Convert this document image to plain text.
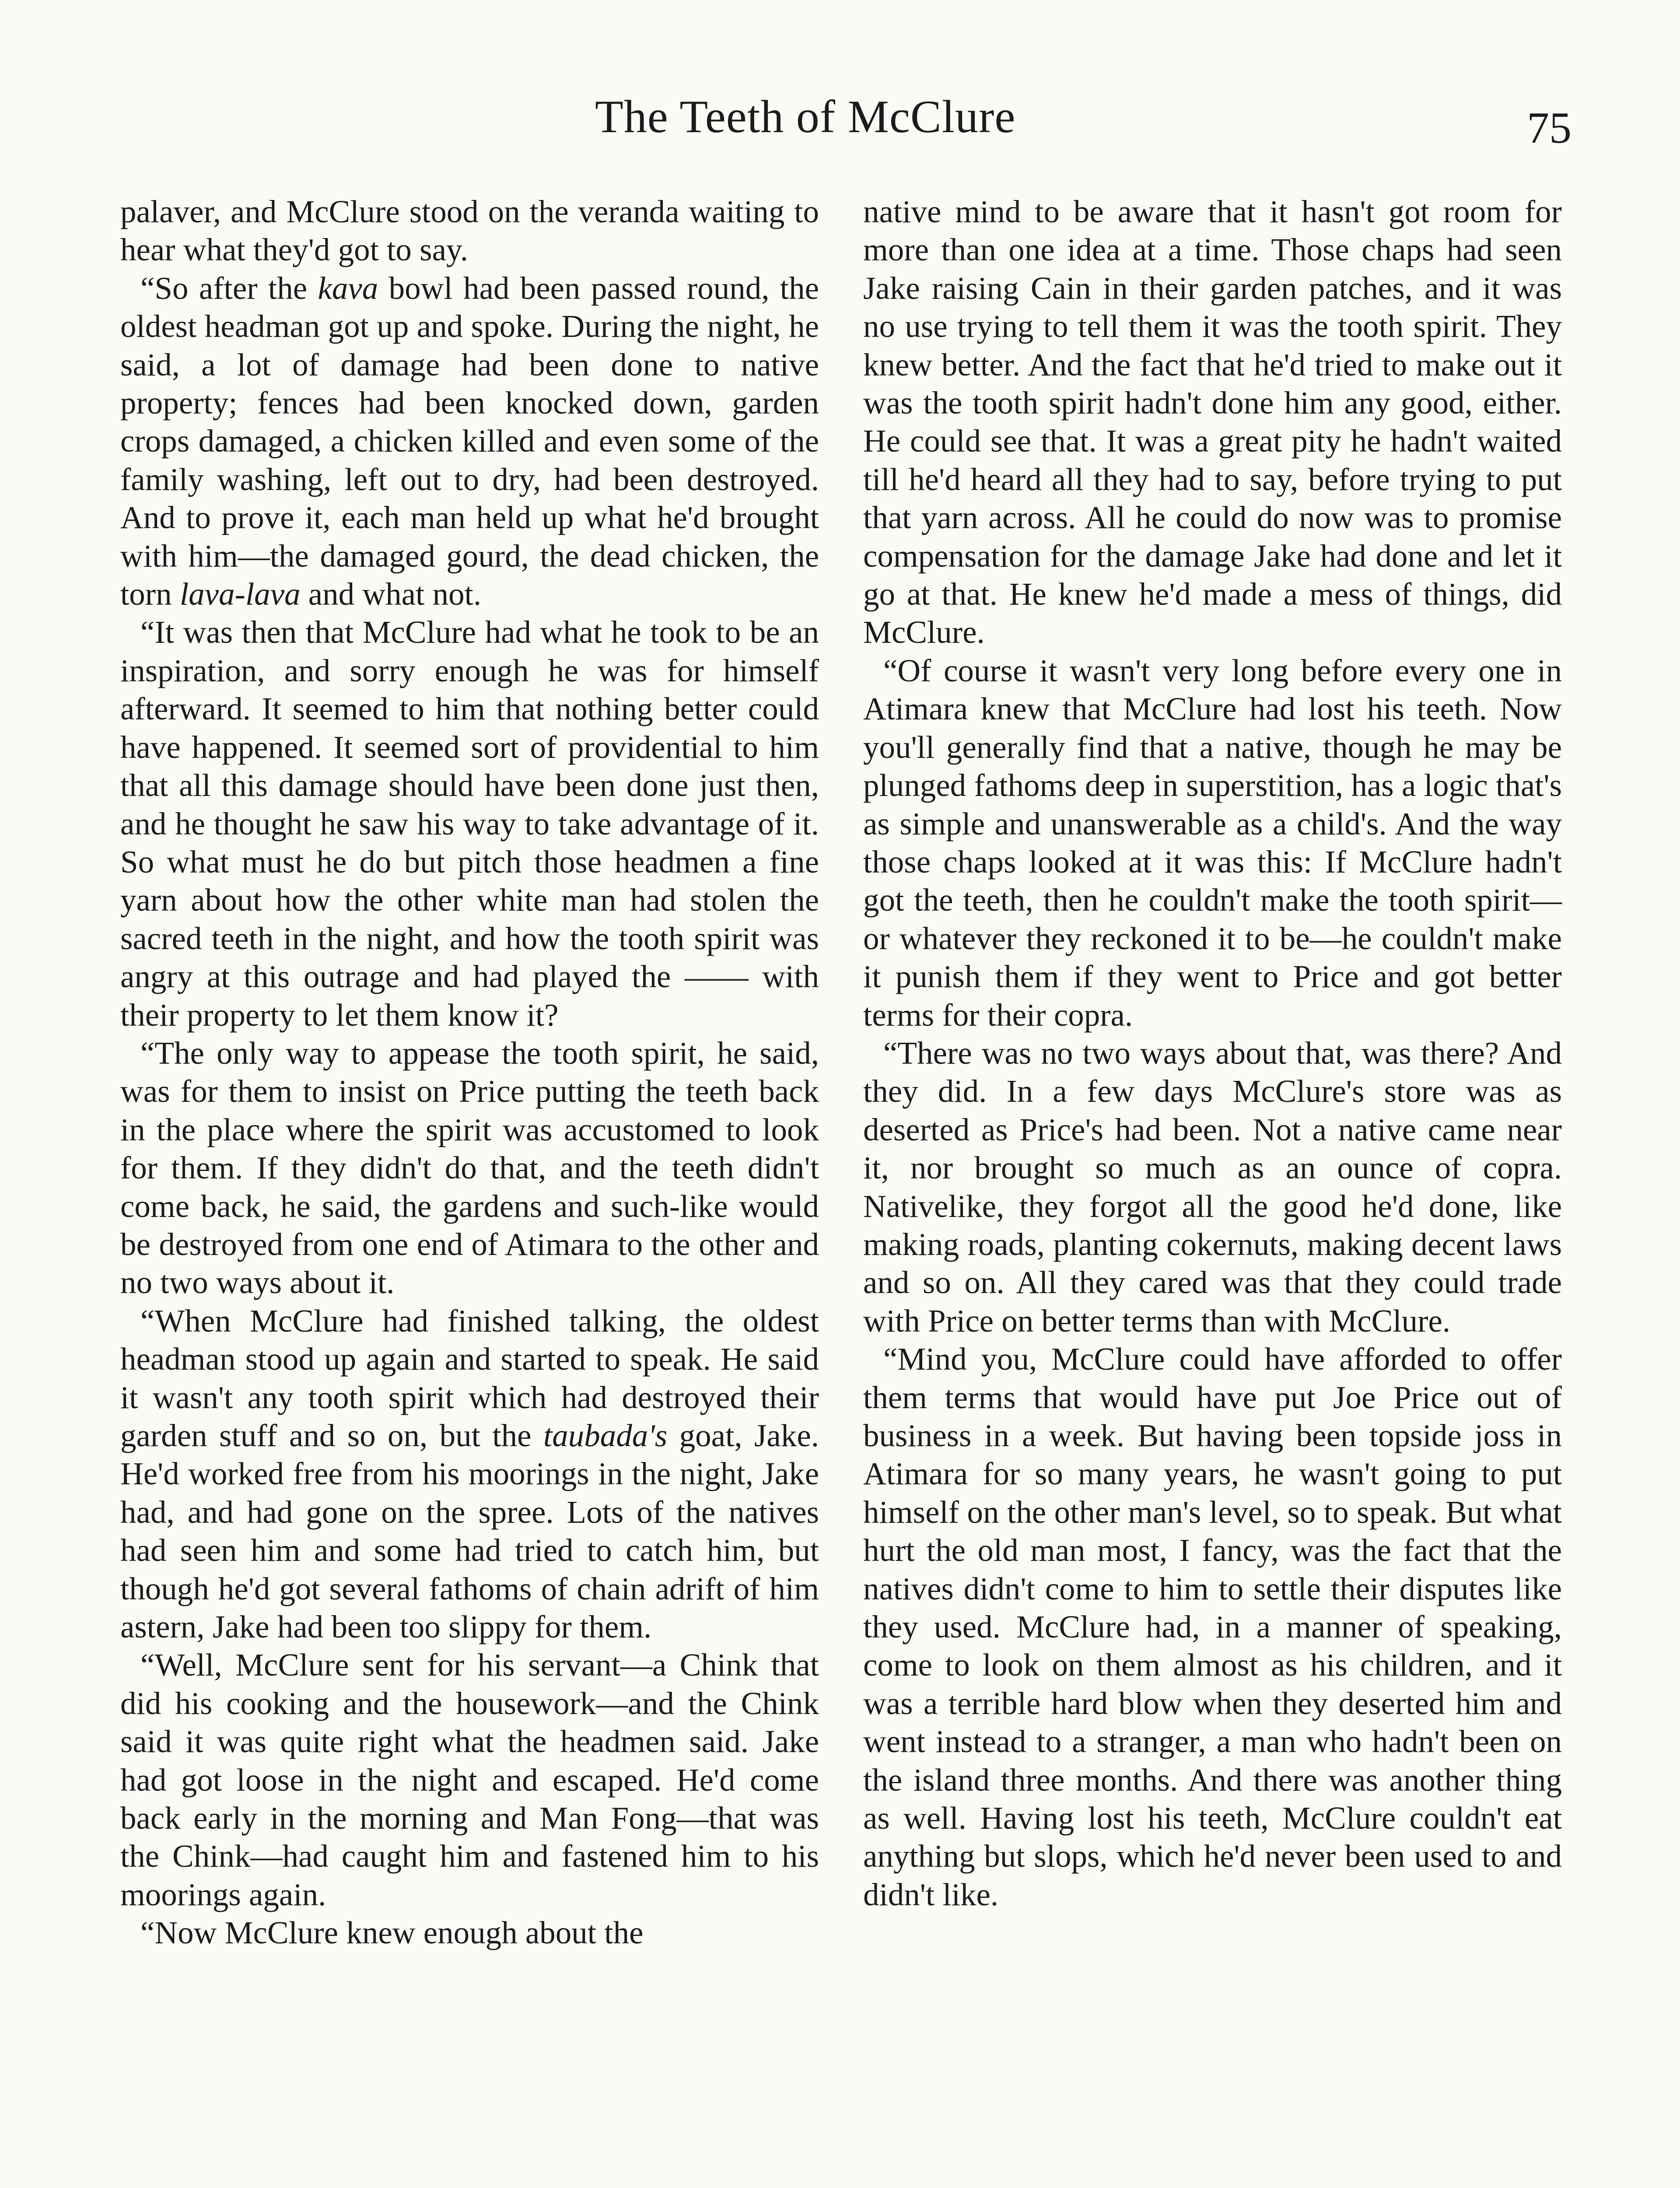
The Teeth of McClure	75

palaver, and McClure stood on the veranda waiting to hear what they'd got to say.

“So after the kava bowl had been passed round, the oldest headman got up and spoke. During the night, he said, a lot of damage had been done to native property; fences had been knocked down, garden crops damaged, a chicken killed and even some of the family washing, left out to dry, had been destroyed. And to prove it, each man held up what he'd brought with him—the damaged gourd, the dead chicken, the torn lava-lava and what not.

“It was then that McClure had what he took to be an inspiration, and sorry enough he was for himself afterward. It seemed to him that nothing better could have happened. It seemed sort of providential to him that all this damage should have been done just then, and he thought he saw his way to take advantage of it. So what must he do but pitch those headmen a fine yarn about how the other white man had stolen the sacred teeth in the night, and how the tooth spirit was angry at this outrage and had played the —— with their property to let them know it?

“The only way to appease the tooth spirit, he said, was for them to insist on Price putting the teeth back in the place where the spirit was accustomed to look for them. If they didn't do that, and the teeth didn't come back, he said, the gardens and such-like would be destroyed from one end of Atimara to the other and no two ways about it.

“When McClure had finished talking, the oldest headman stood up again and started to speak. He said it wasn't any tooth spirit which had destroyed their garden stuff and so on, but the taubada's goat, Jake. He'd worked free from his moorings in the night, Jake had, and had gone on the spree. Lots of the natives had seen him and some had tried to catch him, but though he'd got several fathoms of chain adrift of him astern, Jake had been too slippy for them.

“Well, McClure sent for his servant—a Chink that did his cooking and the housework—and the Chink said it was quite right what the headmen said. Jake had got loose in the night and escaped. He'd come back early in the morning and Man Fong—that was the Chink—had caught him and fastened him to his moorings again.

“Now McClure knew enough about the

native mind to be aware that it hasn't got room for more than one idea at a time. Those chaps had seen Jake raising Cain in their garden patches, and it was no use trying to tell them it was the tooth spirit. They knew better. And the fact that he'd tried to make out it was the tooth spirit hadn't done him any good, either. He could see that. It was a great pity he hadn't waited till he'd heard all they had to say, before trying to put that yarn across. All he could do now was to promise compensation for the damage Jake had done and let it go at that. He knew he'd made a mess of things, did McClure.

“Of course it wasn't very long before every one in Atimara knew that McClure had lost his teeth. Now you'll generally find that a native, though he may be plunged fathoms deep in superstition, has a logic that's as simple and unanswerable as a child's. And the way those chaps looked at it was this: If McClure hadn't got the teeth, then he couldn't make the tooth spirit—or whatever they reckoned it to be—he couldn't make it punish them if they went to Price and got better terms for their copra.

“There was no two ways about that, was there? And they did. In a few days McClure's store was as deserted as Price's had been. Not a native came near it, nor brought so much as an ounce of copra. Nativelike, they forgot all the good he'd done, like making roads, planting cokernuts, making decent laws and so on. All they cared was that they could trade with Price on better terms than with McClure.

“Mind you, McClure could have afforded to offer them terms that would have put Joe Price out of business in a week. But having been topside joss in Atimara for so many years, he wasn't going to put himself on the other man's level, so to speak. But what hurt the old man most, I fancy, was the fact that the natives didn't come to him to settle their disputes like they used. McClure had, in a manner of speaking, come to look on them almost as his children, and it was a terrible hard blow when they deserted him and went instead to a stranger, a man who hadn't been on the island three months. And there was another thing as well. Having lost his teeth, McClure couldn't eat anything but slops, which he'd never been used to and didn't like.
